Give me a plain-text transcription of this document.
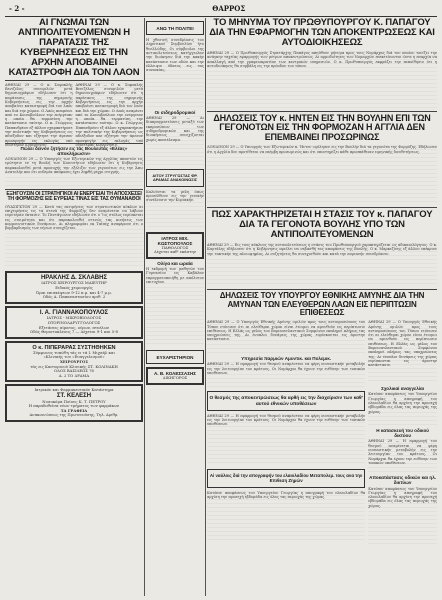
- 2 -	ΘΑΡΡΟΣ
ΑΙ ΓΝΩΜΑΙ ΤΩΝ ΑΝΤΙΠΟΛΙΤΕΥΟΜΕΝΩΝ Η ΠΑΡΑΤΑΣΙΣ ΤΗΣ ΚΥΒΕΡΝΗΣΕΩΣ ΕΙΣ ΤΗΝ ΑΡΧΗΝ ΑΠΟΒΑΙΝΕΙ ΚΑΤΑΣΤΡΟΦΗ ΔΙΑ ΤΟΝ ΛΑΟΝ
ΑΘΗΝΑΙ 29 — Ο κ. Σοφοκλής Βενιζέλος συνομιλών μετά δημοσιογράφων εδήλωσεν ότι η παράτασις της σημερινής Κυβερνήσεως εις την αρχήν αποβαίνει καταστροφή διά τον λαόν και διά την χώραν. Ο Λαός αναμένει από το Κοινοβούλιον την ενέργειαν η οποία θα τερματίση την κατάστασιν ταύτην. Ο κ. Γεώργιος Παπανδρέου εξ άλλου εχαρακτήρισε την πολιτικήν της Κυβερνήσεως ως αδιέξοδον και εζήτησε την άμεσον προσφυγήν εις εκλογάς υπό ουδετέραν Κυβέρνησιν.
ΑΘΗΝΑΙ 29 — Ο κ. Σοφοκλής Βενιζέλος συνομιλών μετά δημοσιογράφων εδήλωσεν ότι η παράτασις της σημερινής Κυβερνήσεως εις την αρχήν αποβαίνει καταστροφή διά τον λαόν και διά την χώραν. Ο Λαός αναμένει από το Κοινοβούλιον την ενέργειαν η οποία θα τερματίση την κατάστασιν ταύτην. Ο κ. Γεώργιος Παπανδρέου εξ άλλου εχαρακτήρισε την πολιτικήν της Κυβερνήσεως ως αδιέξοδον και εζήτησε την άμεσον προσφυγήν εις εκλογάς υπό ουδετέραν Κυβέρνησιν.
Πώλει δεινόν ζητήσεν εις τάς Βουλευτάς «Ελέας» αποκλήρωσιν»
ΛΟΝΔΙΝΟΝ 29 — Ο Υπουργός των Εξωτερικών της Αγγλίας απαντών εις ερώτησιν εν τη Βουλή των Κοινοτήτων εδήλωσεν ότι η Κυβέρνησις παρακολουθεί μετά προσοχής την εξέλιξιν των γεγονότων εις την Άπω Ανατολήν και ότι ουδεμία απόφασις έχει ληφθή μέχρι στιγμής.
ΕΞΗΓΟΥΣΙΝ ΟΙ ΣΤΡΑΤΗΓΙΚΟΙ ΑΙ ΕΝΕΡΓΕΙΑΙ ΤΗ ΑΠΟΣΧΕΣΕΙ ΤΗ ΦΟΡΜΟΖΗΣ ΕΙΣ ΕΥΡΕΙΑΣ ΤΙΝΑΣ ΕΙΣ ΤΑΣ ΘΥΜΑΝΑΘΟΙ
ΟΥΑΣΙΓΚΤΩΝ 29 — Κατά τας εκτιμήσεις των στρατιωτικών κύκλων αι επιχειρήσεις εις τα στενά της Φορμόζης δεν αναμένεται να λάβουν ευρυτέραν έκτασιν. Το Πεντάγωνον εδήλωσεν ότι ο 7ος στόλος ευρίσκεται εις ετοιμότητα και ότι παρακολουθεί στενώς τας κινήσεις των κομμουνιστικών δυνάμεων. Αι πληροφορίαι εκ Ταϊπέχ αναφέρουν ότι ο βομβαρδισμός των νήσων συνεχίζεται.
ΗΡΑΚΛΗΣ Δ. ΣΚΛΑΒΗΣ
ΙΑΤΡΟΣ ΧΕΙΡΟΥΡΓΟΣ ΜΑΙΕΥΤΗΡ
Ειδικός χειρουργός
Ώραι επισκέψεων 9-12 π.μ. και 4-7 μ.μ.
Οδός Α. Παπαναστασίου αριθ. 2
Ι. Α. ΓΙΑΝΝΑΚΟΠΟΥΛΟΣ
ΙΑΤΡΟΣ - ΜΙΚΡΟΒΙΟΛΟΓΟΣ
ΩΤΟΡΙΝΟΛΑΡΥΓΓΟΛΟΓΟΣ
Εξετάσεις αίματος, ούρων, πτυέλων
Οδός Θεμιστοκλέους 7 — Δέχεται 9-1 και 5-8
Ο κ. ΠΙΠΕΡΑΡΑΣ ΣΥΣΤΗΘΗΚΕΝ
Σύμφωνος τυπώθη τάς ει τά Ι. Μιχαήλ και
«Κλινικής του «Ευαγγελισμού»
ΧΕΙΡΟΥΡΓΟΣ
τάς εις Καστορινού Κλινικής ΣΤ. ΚΟΛΙΝΑΚΗ
ΟΔΟΣ ΒΑΣΙΛΕΩΣ 76
Α. 2 ΤΟ ΔΡΑΜΑ
Ιατρικόν και Φαρμακευτικόν Κατάστημα
ΣΤ. ΚΕΛΕΣΗ
Νοσοκόμα Ποίους Κ. Τ. ΠΕΤΡΟΥ
Η παραδοθείσα νέων τμήματος των φαρμάκων
ΤΑ ΓΡΑΦΕΙΑ
Ανακοινώσεως της Πρωτευούσης, Τηλ. Αριθμ.
ΑΝΩ ΤΗ ΠΟΛΙΤΕΙ
Η χθεσινή συνεδρίασις του Δημοτικού Συμβουλίου ήτο θυελλώδης. Οι σύμβουλοι της αντιπολιτεύσεως κατήγγειλαν την διοίκησιν διά την κακήν κατάστασιν των οδών και την έλλειψιν ύδατος εις τας συνοικίας.
Οι σιδηροδρομικοί
ΑΘΗΝΑΙ 29 — Αι διαπραγματεύσεις μεταξύ των εκπροσώπων των σιδηροδρομικών και της διοικήσεως συνεχίζονται χωρίς αποτέλεσμα.
ΑΙΤΟΥ ΣΤΡΥΓΩΣΤΑΣ ΦΡ. ΔΡΑΜΑΣ ΑΝΑΚΟΙΝΩΣΙΣ
Καλούνται τα μέλη όπως προσέλθουν εις την γενικήν συνέλευσιν την Κυριακήν.
ΙΑΤΡΟΣ ΜΙΧ. ΚΩΣΤΟΠΟΥΛΟΣ
ΠΑΘΟΛΟΓΟΣ
Δέχεται καθ' εκάστην
Ολίγα και ωραία
Η εκδρομή των μαθητών του Γυμνασίου εις Καβάλαν επραγματοποιήθη με απόλυτον επιτυχίαν.
ΕΥΧΑΡΙΣΤΗΡΙΟΝ
Α. Β. ΚΟΛΕΣΣΑΣΗΣ
ΔΙΚΗΓΟΡΟΣ
ΤΟ ΜΗΝΥΜΑ ΤΟΥ ΠΡΩΘΥΠΟΥΡΓΟΥ Κ. ΠΑΠΑΓΟΥ ΔΙΑ ΤΗΝ ΕΦΑΡΜΟΓΗΝ ΤΩΝ ΑΠΟΚΕΝΤΡΩΣΕΩΣ ΚΑΙ ΑΥΤΟΔΙΟΙΚΗΣΕΩΣ
ΑΘΗΝΑΙ 29 — Ο Πρωθυπουργός Στρατάρχης Παπάγος απηύθυνε μήνυμα προς τους Νομάρχας διά του οποίου τονίζει την ανάγκην ταχείας εφαρμογής των μέτρων αποκεντρώσεως. Αι αρμοδιότητες των Νομαρχών επεκτείνονται ώστε η επαρχία να απαλλαγή από την γραφειοκρατίαν των κεντρικών υπηρεσιών. Ο κ. Πρωθυπουργός εκφράζει την πεποίθησιν ότι η αυτοδιοίκησις θα συμβάλη εις την πρόοδον του τόπου.
ΔΗΛΩΣΕΙΣ ΤΟΥ κ. ΗΝΤΕΝ ΕΙΣ ΤΗΝ ΒΟΥΛΗΝ ΕΠΙ ΤΩΝ ΓΕΓΟΝΟΤΩΝ ΕΙΣ ΤΗΝ ΦΟΡΜΟΖΑΝ Η ΑΓΓΛΙΑ ΔΕΝ ΕΠΕΜΒΑΙΝΕΙ ΠΡΟΣΩΡΙΝΩΣ
ΛΟΝΔΙΝΟΝ 29 — Ο Υπουργός των Εξωτερικών κ. Ήντεν ωμίλησεν εις την Βουλήν διά τα γεγονότα της Φορμόζης. Εδήλωσεν ότι η Αγγλία δεν προτίθεται να επέμβη προσωρινώς και ότι υποστηρίζει κάθε προσπάθειαν ειρηνικής διευθετήσεως.
ΠΩΣ ΧΑΡΑΚΤΗΡΙΖΕΤΑΙ Η ΣΤΑΣΙΣ ΤΟΥ κ. ΠΑΠΑΓΟΥ ΔΙΑ ΤΑ ΓΕΓΟΝΟΤΑ ΒΟΥΛΗΣ ΥΠΟ ΤΩΝ ΑΝΤΙΠΟΛΙΤΕΥΟΜΕΝΩΝ
ΑΘΗΝΑΙ 29 — Εις τους κύκλους της αντιπολιτεύσεως η στάσις του Πρωθυπουργού χαρακτηρίζεται ως αδικαιολόγητος. Ο κ. Καρτάλης εδήλωσεν ότι η Κυβέρνησις οφείλει να σεβασθή τας αποφάσεις της Βουλής. Ο κ. Μαρκεζίνης εξ άλλου επέκρινε την τακτικήν της πλειοψηφίας. Αι συζητήσεις θα συνεχισθούν και κατά την αυριανήν συνεδρίασιν.
ΔΗΛΩΣΕΙΣ ΤΟΥ ΥΠΟΥΡΓΟΥ ΕΘΝΙΚΗΣ ΑΜΥΝΗΣ ΔΙΑ ΤΗΝ ΑΜΥΝΑΝ ΤΩΝ ΕΛΕΥΘΕΡΩΝ ΛΑΩΝ ΕΙΣ ΠΕΡΙΠΤΩΣΙΝ ΕΠΙΘΕΣΕΩΣ
ΑΘΗΝΑΙ 29 — Ο Υπουργός Εθνικής Αμύνης ομιλών προς τους αντιπροσώπους του Τύπου ετόνισεν ότι αι ελεύθεραι χώραι είναι έτοιμοι να αμυνθούν εις περίπτωσιν επιθέσεως. Η Ελλάς ως μέλος του Βορειοατλαντικού Συμφώνου εκπληρεί πλήρως τας υποχρεώσεις της. Αι ένοπλοι δυνάμεις της χώρας ευρίσκονται εις άριστην κατάστασιν.
Υπηρεσία παρμιών Αμυντικ. και Πολεμικ.
ΑΘΗΝΑΙ 29 — Η εφαρμογή του θεσμού αναμένεται να φέρη ουσιαστικήν μεταβολήν εις την λειτουργίαν του κράτους. Οι Νομάρχαι θα έχουν την ευθύνην των τοπικών υποθέσεων.
Ο θεσμός της αποκεντρώσεως θα αρθή εις την διαχείρισιν των καθ' αυτού εθνικών υποθέσεων
ΑΘΗΝΑΙ 29 — Η εφαρμογή του θεσμού αναμένεται να φέρη ουσιαστικήν μεταβολήν εις την λειτουργίαν του κράτους. Οι Νομάρχαι θα έχουν την ευθύνην των τοπικών υποθέσεων.
Αί ναύλοις διά την απογραφήν του ελαιολαδίου Μεταπολεμ. τους ανα την Επιθεση Ζημών
Κατόπιν αποφάσεως του Υπουργείου Γεωργίας η απογραφή του ελαιολαδίου θα αρχίση την προσεχή εβδομάδα εις όλας τας περιοχάς της χώρας.
ΑΘΗΝΑΙ 29 — Ο Υπουργός Εθνικής Αμύνης ομιλών προς τους αντιπροσώπους του Τύπου ετόνισεν ότι αι ελεύθεραι χώραι είναι έτοιμοι να αμυνθούν εις περίπτωσιν επιθέσεως. Η Ελλάς ως μέλος του Βορειοατλαντικού Συμφώνου εκπληρεί πλήρως τας υποχρεώσεις της. Αι ένοπλοι δυνάμεις της χώρας ευρίσκονται εις άριστην κατάστασιν.
Σχολικαί αναγγελίαι
Κατόπιν αποφάσεως του Υπουργείου Γεωργίας η απογραφή του ελαιολαδίου θα αρχίση την προσεχή εβδομάδα εις όλας τας περιοχάς της χώρας.
Η κατασκευή του οδικού δικτύου
ΑΘΗΝΑΙ 29 — Η εφαρμογή του θεσμού αναμένεται να φέρη ουσιαστικήν μεταβολήν εις την λειτουργίαν του κράτους. Οι Νομάρχαι θα έχουν την ευθύνην των τοπικών υποθέσεων.
Αποκατάστασις οδικών και ηλ. δικτύων
Κατόπιν αποφάσεως του Υπουργείου Γεωργίας η απογραφή του ελαιολαδίου θα αρχίση την προσεχή εβδομάδα εις όλας τας περιοχάς της χώρας.
